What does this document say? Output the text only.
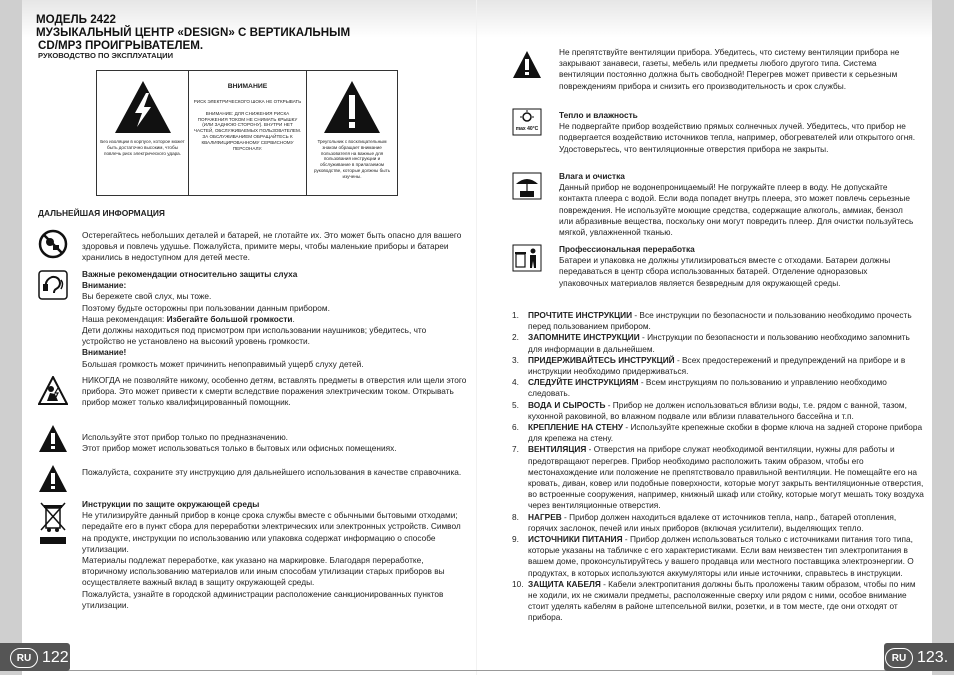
МОДЕЛЬ 2422
МУЗЫКАЛЬНЫЙ ЦЕНТР «DESIGN» С ВЕРТИКАЛЬНЫМ
CD/MP3 ПРОИГРЫВАТЕЛЕМ.
РУКОВОДСТВО ПО ЭКСПЛУАТАЦИИ
Без изоляции в корпусе, которое может быть достаточно высоким, чтобы повлечь риск электрического удара.
ВНИМАНИЕ
РИСК ЭЛЕКТРИЧЕСКОГО ШОКА НЕ ОТКРЫВАТЬ
ВНИМАНИЕ: ДЛЯ СНИЖЕНИЯ РИСКА ПОРАЖЕНИЯ ТОКОМ НЕ СНИМАТЬ КРЫШКУ (ИЛИ ЗАДНЮЮ СТОРОНУ). ВНУТРИ НЕТ ЧАСТЕЙ, ОБСЛУЖИВАЕМЫХ ПОЛЬЗОВАТЕЛЕМ. ЗА ОБСЛУЖИВАНИЕМ ОБРАЩАЙТЕСЬ К КВАЛИФИЦИРОВАННОМУ СЕРВИСНОМУ ПЕРСОНАЛУ.
Треугольник с восклицательным знаком обращает внимание пользователя на важные для пользования инструкции и обслуживание в прилагаемом руководстве, которые должны быть изучены.
ДАЛЬНЕЙШАЯ ИНФОРМАЦИЯ
Остерегайтесь небольших деталей и батарей, не глотайте их. Это может быть опасно для вашего здоровья и повлечь удушье. Пожалуйста, примите меры, чтобы маленькие приборы и батареи хранились в недоступном для детей месте.
Важные рекомендации относительно защиты слуха
Внимание:
Вы бережете свой слух, мы тоже.
Поэтому будьте осторожны при пользовании данным прибором.
Наша рекомендация: Избегайте большой громкости.
Дети должны находиться под присмотром при использовании наушников; убедитесь, что устройство не установлено на высокий уровень громкости.
Внимание!
Большая громкость может причинить непоправимый ущерб слуху детей.
НИКОГДА не позволяйте никому, особенно детям, вставлять предметы в отверстия или щели этого прибора. Это может привести к смерти вследствие поражения электрическим током. Открывать прибор может только квалифицированный помощник.
Используйте этот прибор только по предназначению.
Этот прибор может использоваться только в бытовых или офисных помещениях.
Пожалуйста, сохраните эту инструкцию для дальнейшего использования в качестве справочника.
Инструкции по защите окружающей среды
Не утилизируйте данный прибор в конце срока службы вместе с обычными бытовыми отходами; передайте его в пункт сбора для переработки электрических или электронных устройств. Символ на продукте, инструкции по использованию или упаковка содержат информацию о способе утилизации.
Материалы подлежат переработке, как указано на маркировке. Благодаря переработке, вторичному использованию материалов или иным способам утилизации старых приборов вы осуществляете важный вклад в защиту окружающей среды.
Пожалуйста, узнайте в городской администрации расположение санкционированных пунктов утилизации.
Не препятствуйте вентиляции прибора. Убедитесь, что систему вентиляции прибора не закрывают занавеси, газеты, мебель или предметы любого другого типа. Система вентиляции постоянно должна быть свободной! Перегрев может привести к серьезным повреждениям прибора и снизить его производительность и срок службы.
max 40°C
Тепло и влажность
Не подвергайте прибор воздействию прямых солнечных лучей. Убедитесь, что прибор не подвергается воздействию источников тепла, например, обогревателей или открытого огня. Удостоверьтесь, что вентиляционные отверстия прибора не закрыты.
Влага и очистка
Данный прибор не водонепроницаемый! Не погружайте плеер в воду. Не допускайте контакта плеера с водой. Если вода попадет внутрь плеера, это может повлечь серьезные повреждения. Не используйте моющие средства, содержащие алкоголь, аммиак, бензол или абразивные вещества, поскольку они могут повредить плеер. Для очистки пользуйтесь мягкой, увлажненной тканью.
Профессиональная переработка
Батареи и упаковка не должны утилизироваться вместе с отходами. Батареи должны передаваться в центр сбора использованных батарей. Отделение одноразовых упаковочных материалов является безвредным для окружающей среды.
1. ПРОЧТИТЕ ИНСТРУКЦИИ - Все инструкции по безопасности и пользованию необходимо прочесть перед пользованием прибором.
2. ЗАПОМНИТЕ ИНСТРУКЦИИ - Инструкции по безопасности и пользованию необходимо запомнить для информации в дальнейшем.
3. ПРИДЕРЖИВАЙТЕСЬ ИНСТРУКЦИЙ - Всех предостережений и предупреждений на приборе и в инструкции необходимо придерживаться.
4. СЛЕДУЙТЕ ИНСТРУКЦИЯМ - Всем инструкциям по пользованию и управлению необходимо следовать.
5. ВОДА И СЫРОСТЬ - Прибор не должен использоваться вблизи воды, т.е. рядом с ванной, тазом, кухонной раковиной, во влажном подвале или вблизи плавательного бассейна и т.п.
6. КРЕПЛЕНИЕ НА СТЕНУ - Используйте крепежные скобки в форме ключа на задней стороне прибора для крепежа на стену.
7. ВЕНТИЛЯЦИЯ - Отверстия на приборе служат необходимой вентиляции, нужны для работы и предотвращают перегрев. Прибор необходимо расположить таким образом, чтобы его местонахождение или положение не препятствовало правильной вентиляции. Не помещайте его на кровать, диван, ковер или подобные поверхности, которые могут закрыть вентиляционные отверстия, во встроенные сооружения, например, книжный шкаф или стойку, которые могут мешать току воздуха через вентиляционные отверстия.
8. НАГРЕВ - Прибор должен находиться вдалеке от источников тепла, напр., батарей отопления, горячих заслонок, печей или иных приборов (включая усилители), выделяющих тепло.
9. ИСТОЧНИКИ ПИТАНИЯ - Прибор должен использоваться только с источниками питания того типа, которые указаны на табличке с его характеристиками. Если вам неизвестен тип электропитания в вашем доме, проконсультируйтесь у вашего продавца или местного поставщика электроэнергии. О продуктах, в которых используются аккумуляторы или иные источники, справьтесь в инструкции.
10. ЗАЩИТА КАБЕЛЯ - Кабели электропитания должны быть проложены таким образом, чтобы по ним не ходили, их не сжимали предметы, расположенные сверху или рядом с ними, особое внимание стоит уделять кабелям в районе штепсельной вилки, розетки, и в том месте, где они отходят от прибора.
RU 122.	RU 123.
